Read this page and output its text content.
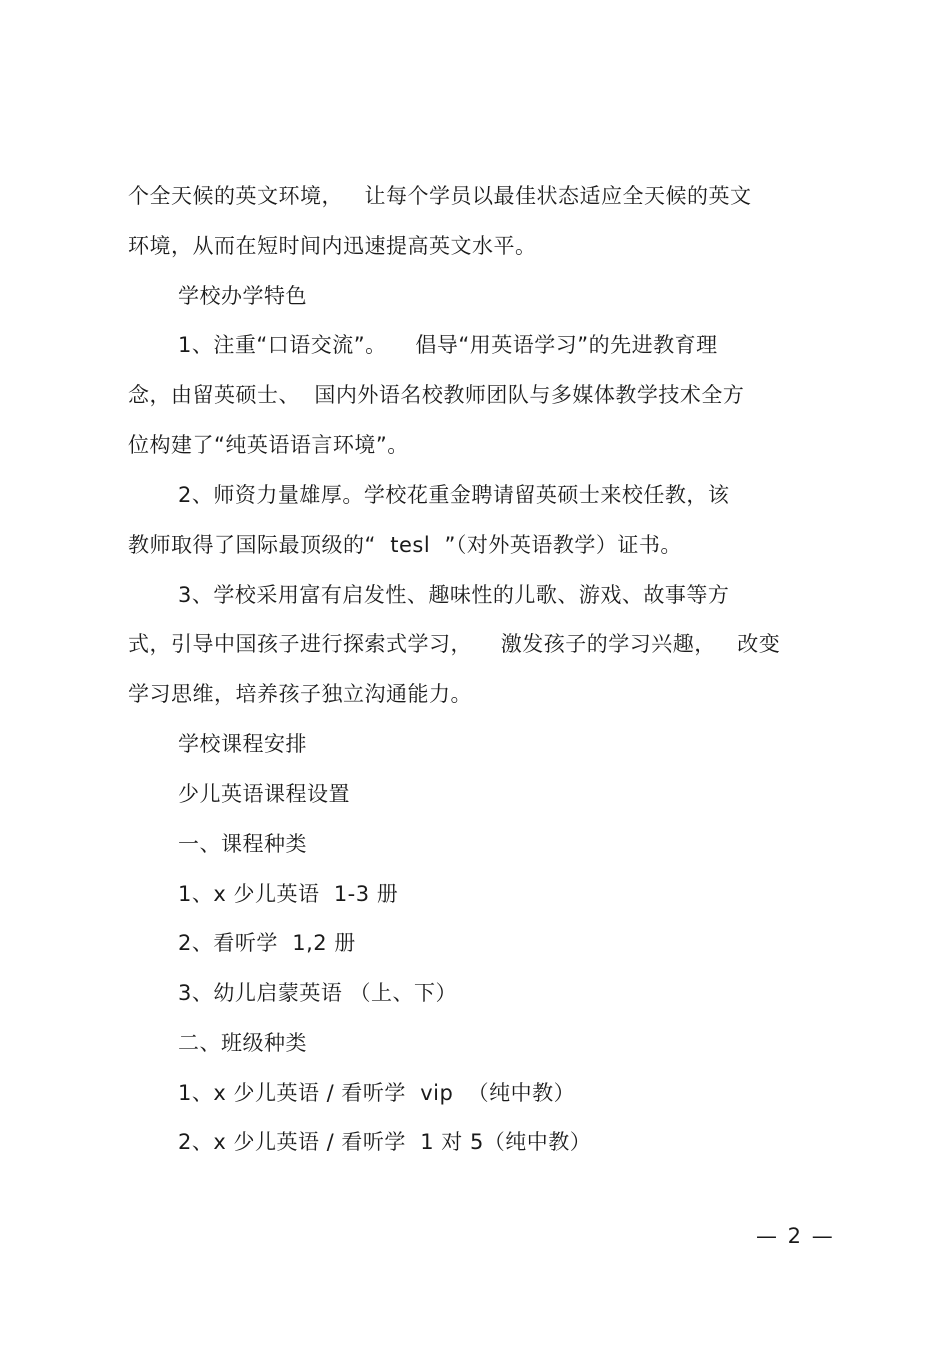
个全天候的英文环境，   让每个学员以最佳状态适应全天候的英文
环境，从而在短时间内迅速提高英文水平。
学校办学特色
1、注重“口语交流”。    倡导“用英语学习”的先进教育理
念，由留英硕士、  国内外语名校教师团队与多媒体教学技术全方
位构建了“纯英语语言环境”。
2、师资力量雄厚。学校花重金聘请留英硕士来校任教，该
教师取得了国际最顶级的“  tesl  ”（对外英语教学）证书。
3、学校采用富有启发性、趣味性的儿歌、游戏、故事等方
式，引导中国孩子进行探索式学习，    激发孩子的学习兴趣，   改变
学习思维，培养孩子独立沟通能力。
学校课程安排
少儿英语课程设置
一、课程种类
1、x 少儿英语  1-3 册
2、看听学  1,2 册
3、幼儿启蒙英语 （上、下）
二、班级种类
1、x 少儿英语 / 看听学  vip  （纯中教）
2、x 少儿英语 / 看听学  1 对 5（纯中教）
— 2 —
